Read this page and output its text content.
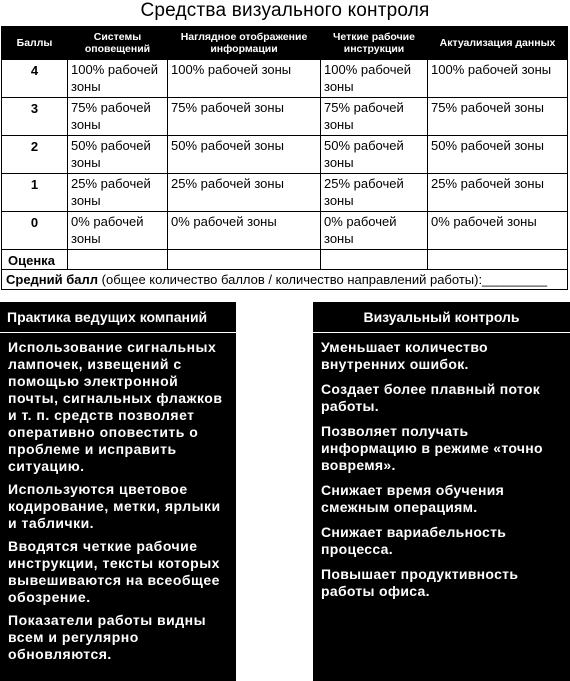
Средства визуального контроля
Баллы	Системы оповещений	Наглядное отображение информации	Четкие рабочие инструкции	Актуализация данных
4	100% рабочей зоны	100% рабочей зоны	100% рабочей зоны	100% рабочей зоны
3	75% рабочей зоны	75% рабочей зоны	75% рабочей зоны	75% рабочей зоны
2	50% рабочей зоны	50% рабочей зоны	50% рабочей зоны	50% рабочей зоны
1	25% рабочей зоны	25% рабочей зоны	25% рабочей зоны	25% рабочей зоны
0	0% рабочей зоны	0% рабочей зоны	0% рабочей зоны	0% рабочей зоны
Оценка				
Средний балл (общее количество баллов / количество направлений работы):_________				
Практика ведущих компаний

Использование сигнальных лампочек, извещений с помощью электронной почты, сигнальных флажков и т. п. средств позволяет оперативно оповестить о проблеме и исправить ситуацию.

Используются цветовое кодирование, метки, ярлыки и таблички.

Вводятся четкие рабочие инструкции, тексты которых вывешиваются на всеобщее обозрение.

Показатели работы видны всем и регулярно обновляются.

Визуальный контроль

Уменьшает количество внутренних ошибок.

Создает более плавный поток работы.

Позволяет получать информацию в режиме «точно вовремя».

Снижает время обучения смежным операциям.

Снижает вариабельность процесса.

Повышает продуктивность работы офиса.
